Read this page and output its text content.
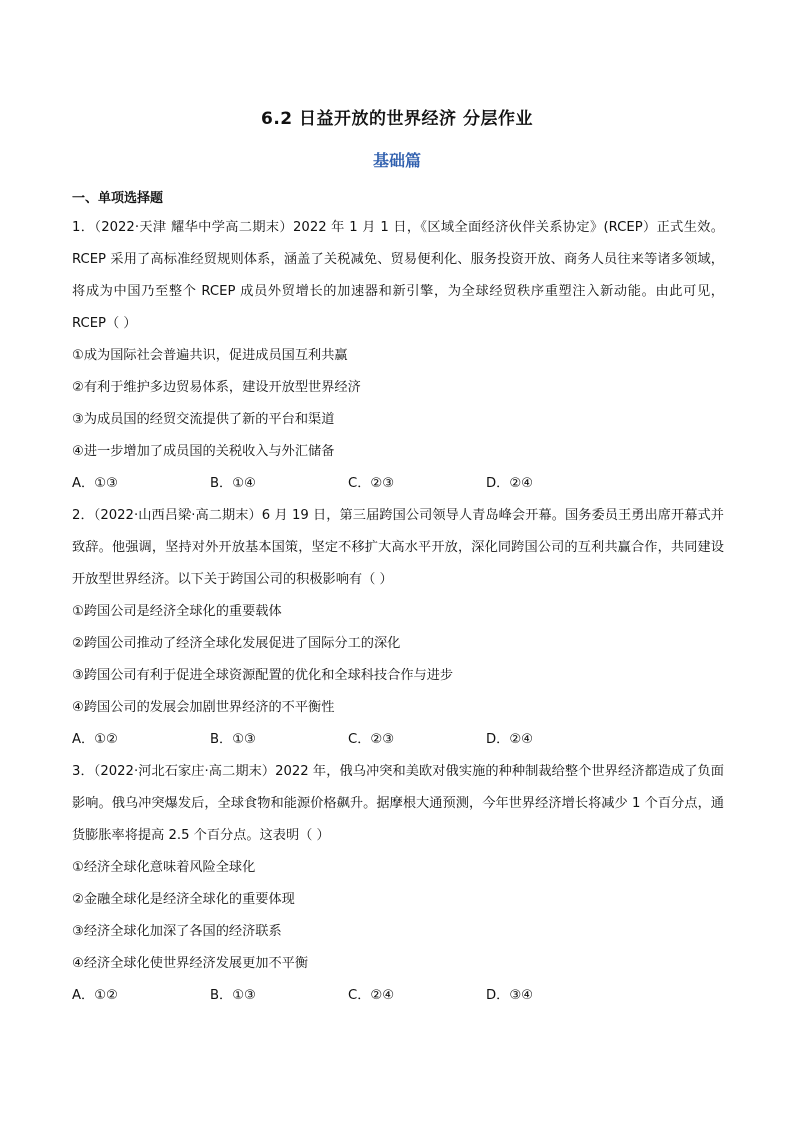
6.2 日益开放的世界经济 分层作业
基础篇
一、单项选择题
1．（2022·天津 耀华中学高二期末）2022 年 1 月 1 日，《区域全面经济伙伴关系协定》(RCEP）正式生效。RCEP 采用了高标准经贸规则体系，涵盖了关税减免、贸易便利化、服务投资开放、商务人员往来等诸多领域，将成为中国乃至整个 RCEP 成员外贸增长的加速器和新引擎，为全球经贸秩序重塑注入新动能。由此可见，RCEP（ ）
①成为国际社会普遍共识，促进成员国互利共赢
②有利于维护多边贸易体系，建设开放型世界经济
③为成员国的经贸交流提供了新的平台和渠道
④进一步增加了成员国的关税收入与外汇储备
A．①③	B．①④	C．②③	D．②④
2．（2022·山西吕梁·高二期末）6 月 19 日，第三届跨国公司领导人青岛峰会开幕。国务委员王勇出席开幕式并致辞。他强调，坚持对外开放基本国策，坚定不移扩大高水平开放，深化同跨国公司的互利共赢合作，共同建设开放型世界经济。以下关于跨国公司的积极影响有（ ）
①跨国公司是经济全球化的重要载体
②跨国公司推动了经济全球化发展促进了国际分工的深化
③跨国公司有利于促进全球资源配置的优化和全球科技合作与进步
④跨国公司的发展会加剧世界经济的不平衡性
A．①②	B．①③	C．②③	D．②④
3．（2022·河北石家庄·高二期末）2022 年，俄乌冲突和美欧对俄实施的种种制裁给整个世界经济都造成了负面影响。俄乌冲突爆发后，全球食物和能源价格飙升。据摩根大通预测，今年世界经济增长将减少 1 个百分点，通货膨胀率将提高 2.5 个百分点。这表明（ ）
①经济全球化意味着风险全球化
②金融全球化是经济全球化的重要体现
③经济全球化加深了各国的经济联系
④经济全球化使世界经济发展更加不平衡
A．①②	B．①③	C．②④	D．③④
